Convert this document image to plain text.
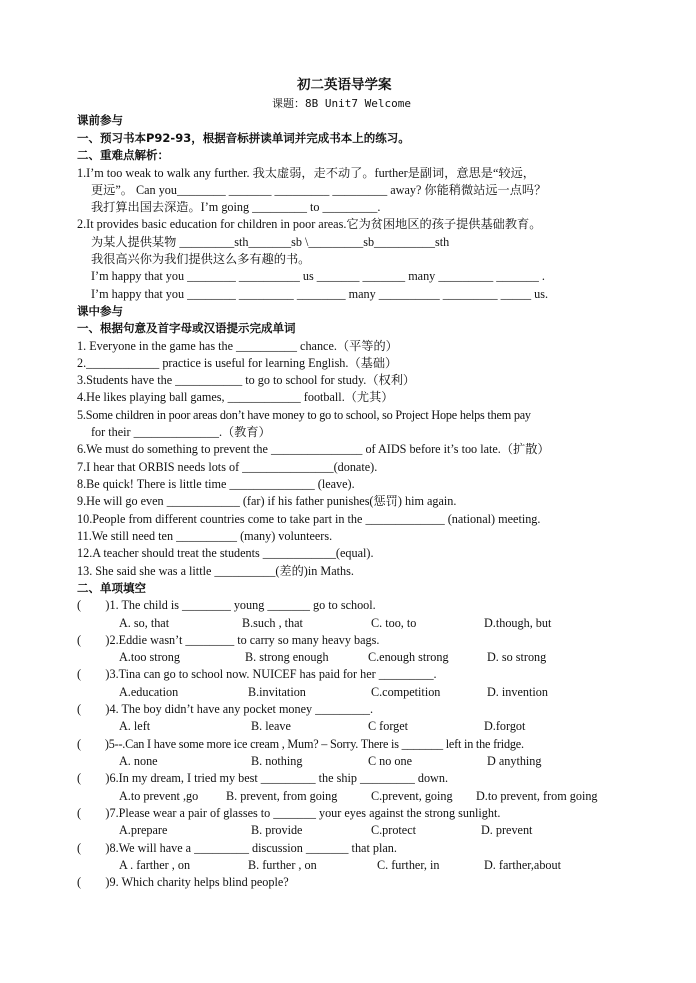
初二英语导学案
课题：8B Unit7 Welcome
课前参与
一、预习书本P92-93，根据音标拼读单词并完成书本上的练习。
二、重难点解析：
1.I’m too weak to walk any further. 我太虚弱，走不动了。further是副词，意思是“较远，
更远”。 Can you________ _______ _________ _________ away? 你能稍微站远一点吗？
我打算出国去深造。I’m going _________ to _________.
2.It provides basic education for children in poor areas.它为贫困地区的孩子提供基础教育。
为某人提供某物 _________sth_______sb \_________sb__________sth
我很高兴你为我们提供这么多有趣的书。
I’m happy that you ________ __________ us _______ _______ many _________ _______ .
I’m happy that you ________ _________ ________ many __________ _________ _____ us.
课中参与
一、根据句意及首字母或汉语提示完成单词
1. Everyone in the game has the __________ chance.（平等的）
2.____________ practice is useful for learning English.（基础）
3.Students have the ___________ to go to school for study.（权利）
4.He likes playing ball games, ____________ football.（尤其）
5.Some children in poor areas don’t have money to go to school, so Project Hope helps them pay
for their ______________.（教育）
6.We must do something to prevent the _______________ of AIDS before it’s too late.（扩散）
7.I hear that ORBIS needs lots of _______________(donate).
8.Be quick! There is little time ______________ (leave).
9.He will go even ____________ (far) if his father punishes(惩罚) him again.
10.People from different countries come to take part in the _____________ (national) meeting.
11.We still need ten __________ (many) volunteers.
12.A teacher should treat the students ____________(equal).
13. She said she was a little __________(差的)in Maths.
二、单项填空
(　　)1. The child is ________ young _______ go to school.
A. so, that	B.such , that	C. too, to	D.though, but
(　　)2.Eddie wasn’t ________ to carry so many heavy bags.
A.too strong	B. strong enough	C.enough strong	D. so strong
(　　)3.Tina can go to school now. NUICEF has paid for her _________.
A.education	B.invitation	C.competition	D. invention
(　　)4. The boy didn’t have any pocket money _________.
A. left	B. leave	C forget	D.forgot
(　　)5--.Can I have some more ice cream , Mum? – Sorry. There is _______ left in the fridge.
A. none	B. nothing	C no one	D anything
(　　)6.In my dream, I tried my best _________ the ship _________ down.
A.to prevent ,go B. prevent, from going	C.prevent, going D.to prevent, from going
(　　)7.Please wear a pair of glasses to _______ your eyes against the strong sunlight.
A.prepare	B. provide	C.protect	D. prevent
(　　)8.We will have a _________ discussion _______ that plan.
A . farther , on	B. further , on	C. further, in	D. farther,about
(　　)9. Which charity helps blind people?
